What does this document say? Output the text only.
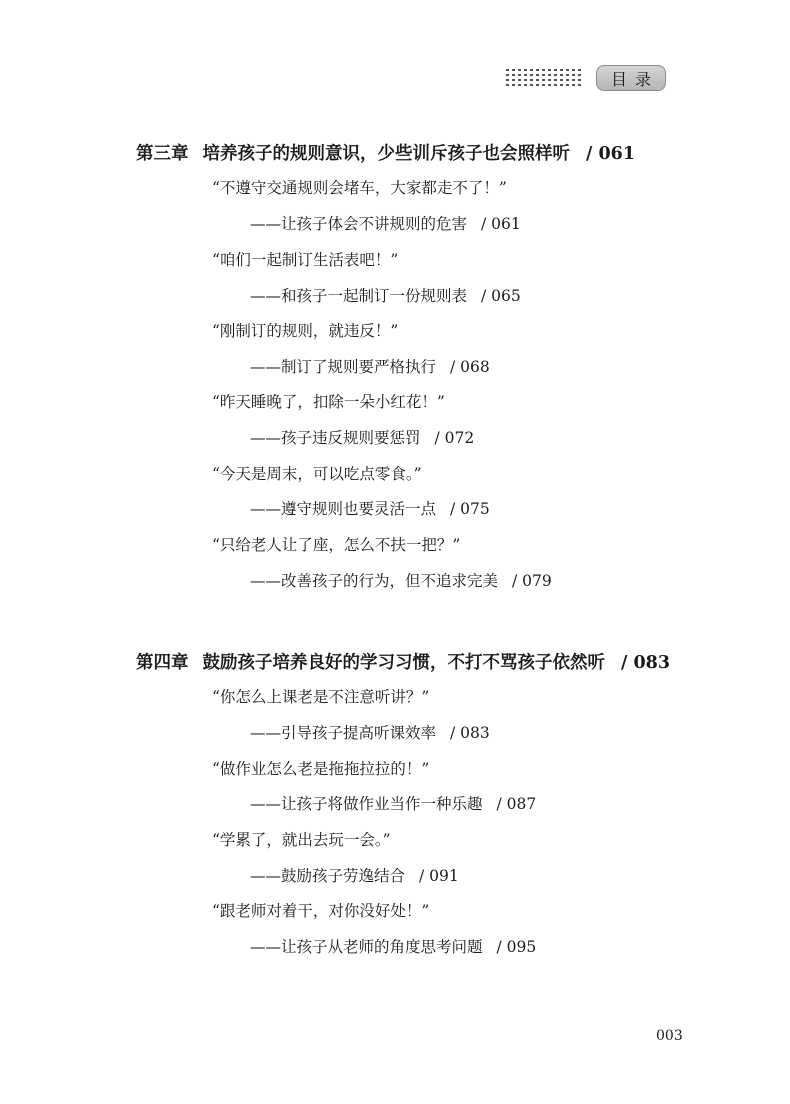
目录
第三章 培养孩子的规则意识，少些训斥孩子也会照样听 / 061
“不遵守交通规则会堵车，大家都走不了！”
——让孩子体会不讲规则的危害 / 061
“咱们一起制订生活表吧！”
——和孩子一起制订一份规则表 / 065
“刚制订的规则，就违反！”
——制订了规则要严格执行 / 068
“昨天睡晚了，扣除一朵小红花！”
——孩子违反规则要惩罚 / 072
“今天是周末，可以吃点零食。”
——遵守规则也要灵活一点 / 075
“只给老人让了座，怎么不扶一把？”
——改善孩子的行为，但不追求完美 / 079
第四章 鼓励孩子培养良好的学习习惯，不打不骂孩子依然听 / 083
“你怎么上课老是不注意听讲？”
——引导孩子提高听课效率 / 083
“做作业怎么老是拖拖拉拉的！”
——让孩子将做作业当作一种乐趣 / 087
“学累了，就出去玩一会。”
——鼓励孩子劳逸结合 / 091
“跟老师对着干，对你没好处！”
——让孩子从老师的角度思考问题 / 095
003
